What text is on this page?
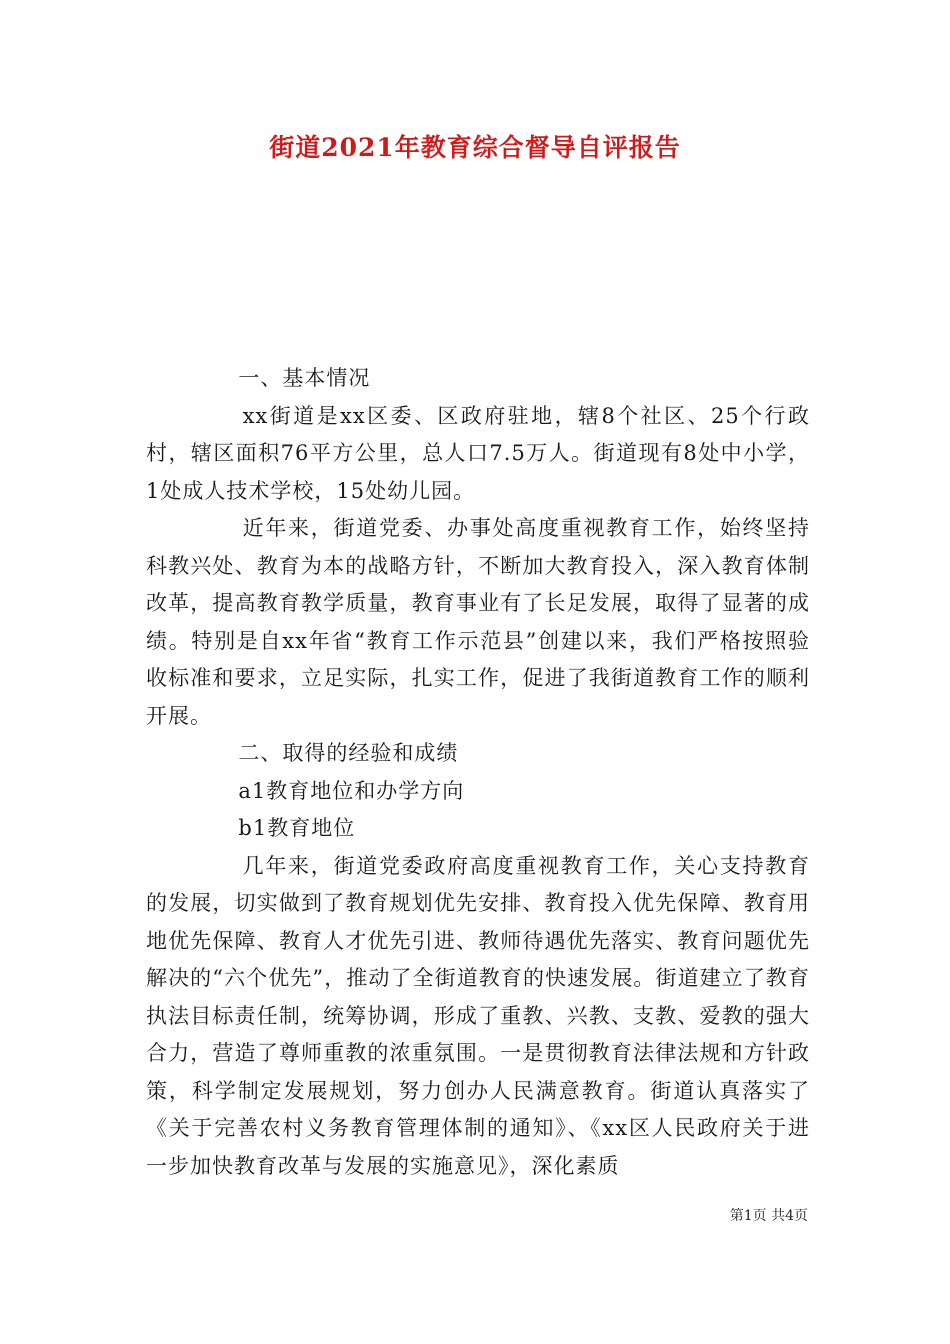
街道2021年教育综合督导自评报告

一、基本情况

xx街道是xx区委、区政府驻地，辖8个社区、25个行政村，辖区面积76平方公里，总人口7.5万人。街道现有8处中小学，1处成人技术学校，15处幼儿园。

近年来，街道党委、办事处高度重视教育工作，始终坚持科教兴处、教育为本的战略方针，不断加大教育投入，深入教育体制改革，提高教育教学质量，教育事业有了长足发展，取得了显著的成绩。特别是自xx年省“教育工作示范县”创建以来，我们严格按照验收标准和要求，立足实际，扎实工作，促进了我街道教育工作的顺利开展。

二、取得的经验和成绩

a1教育地位和办学方向

b1教育地位

几年来，街道党委政府高度重视教育工作，关心支持教育的发展，切实做到了教育规划优先安排、教育投入优先保障、教育用地优先保障、教育人才优先引进、教师待遇优先落实、教育问题优先解决的“六个优先”，推动了全街道教育的快速发展。街道建立了教育执法目标责任制，统筹协调，形成了重教、兴教、支教、爱教的强大合力，营造了尊师重教的浓重氛围。一是贯彻教育法律法规和方针政策，科学制定发展规划，努力创办人民满意教育。街道认真落实了《关于完善农村义务教育管理体制的通知》、《xx区人民政府关于进一步加快教育改革与发展的实施意见》，深化素质

第1页 共4页
